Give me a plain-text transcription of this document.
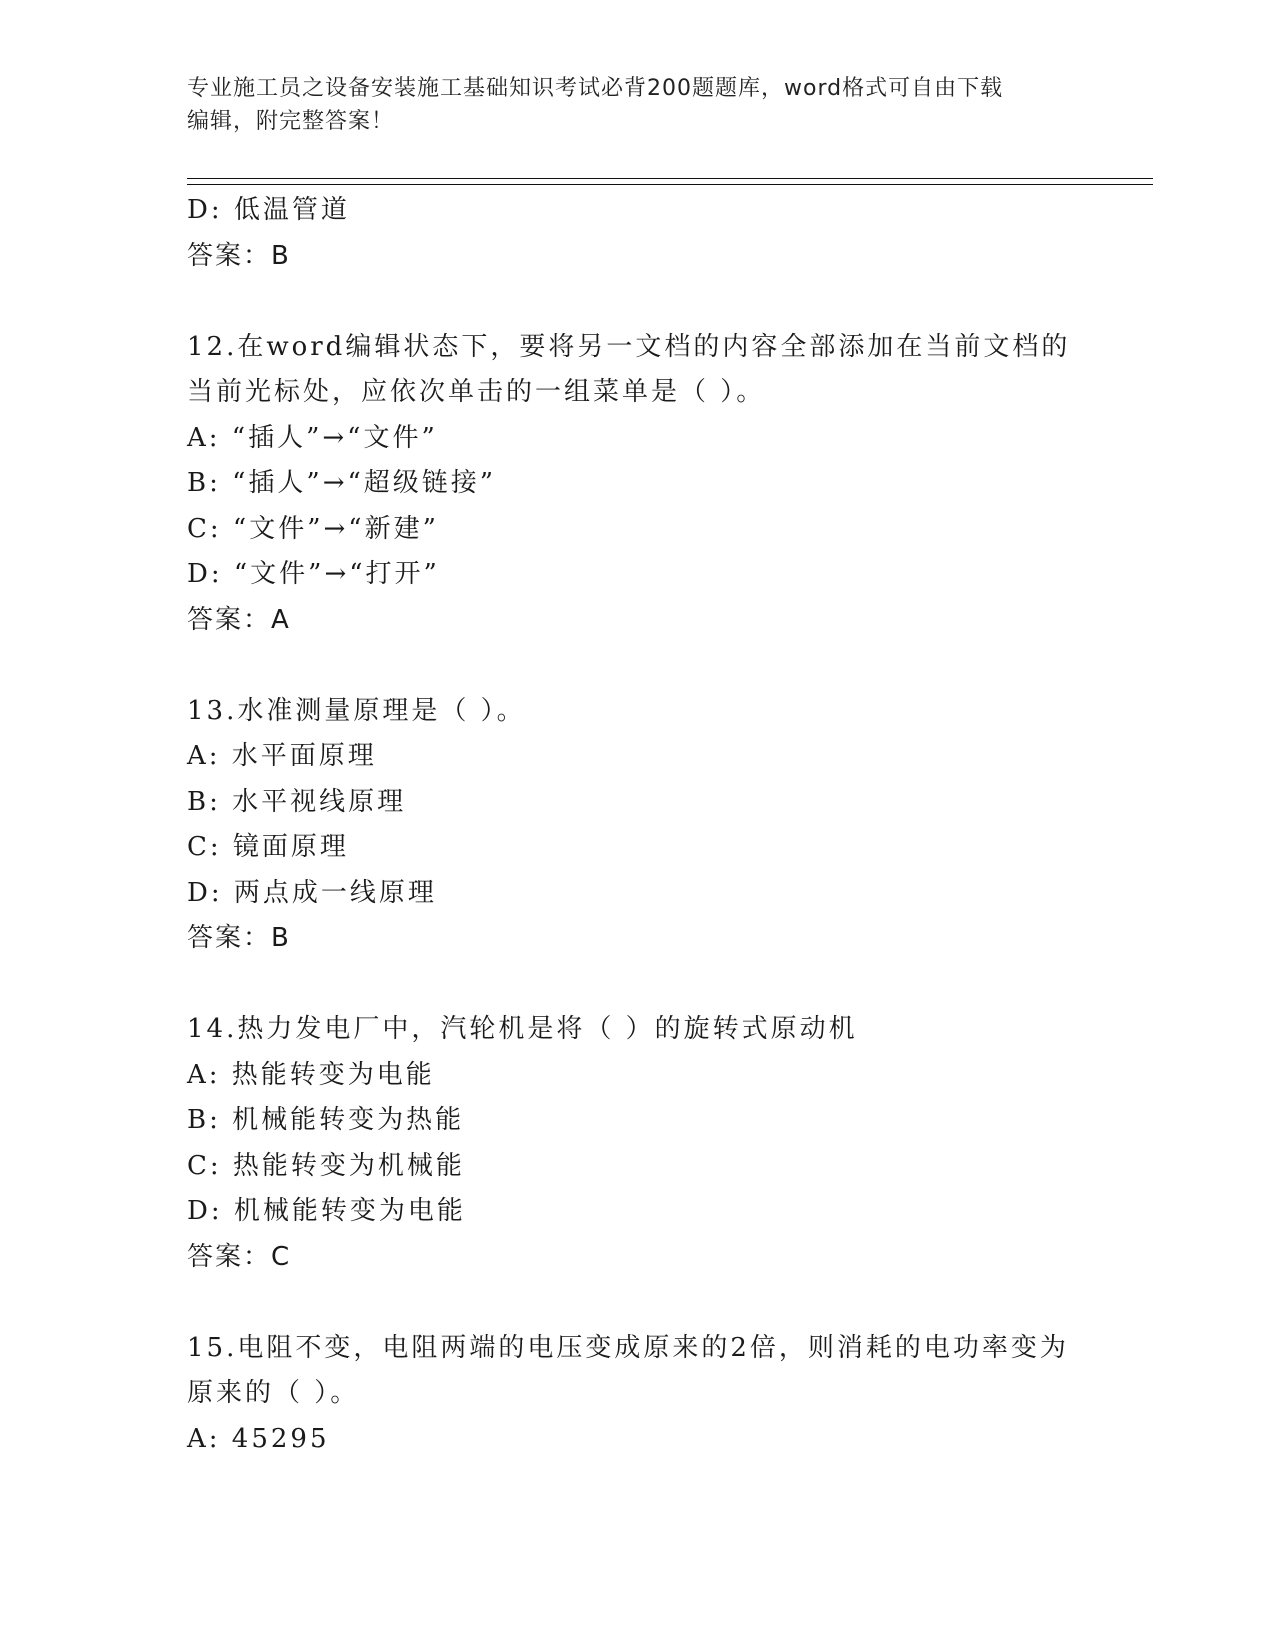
专业施工员之设备安装施工基础知识考试必背200题题库，word格式可自由下载
编辑，附完整答案！
D: 低温管道
答案：B
12.在word编辑状态下，要将另一文档的内容全部添加在当前文档的
当前光标处，应依次单击的一组菜单是（ ）。
A: “插人”→“文件”
B: “插人”→“超级链接”
C: “文件”→“新建”
D: “文件”→“打开”
答案：A
13.水准测量原理是（ ）。
A: 水平面原理
B: 水平视线原理
C: 镜面原理
D: 两点成一线原理
答案：B
14.热力发电厂中，汽轮机是将（ ）的旋转式原动机
A: 热能转变为电能
B: 机械能转变为热能
C: 热能转变为机械能
D: 机械能转变为电能
答案：C
15.电阻不变，电阻两端的电压变成原来的2倍，则消耗的电功率变为
原来的（ ）。
A: 45295
